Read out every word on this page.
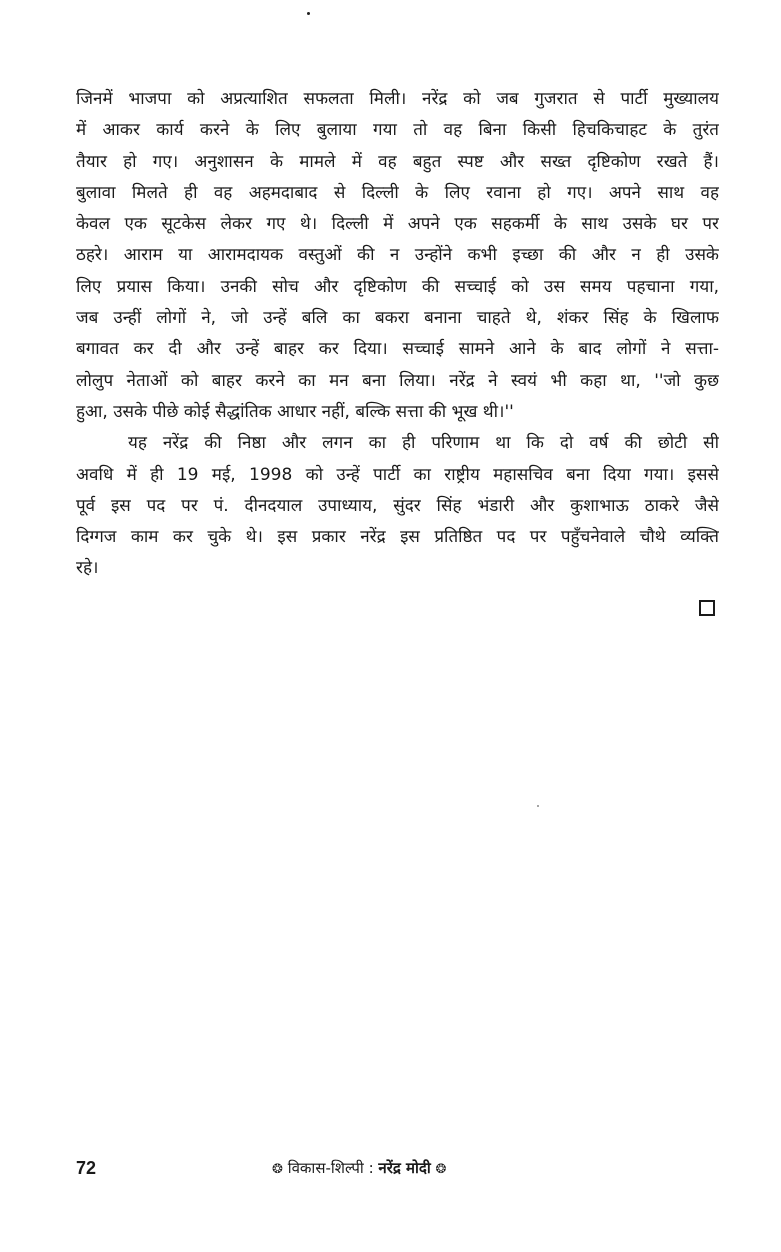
जिनमें भाजपा को अप्रत्याशित सफलता मिली। नरेंद्र को जब गुजरात से पार्टी मुख्यालय
में आकर कार्य करने के लिए बुलाया गया तो वह बिना किसी हिचकिचाहट के तुरंत
तैयार हो गए। अनुशासन के मामले में वह बहुत स्पष्ट और सख्त दृष्टिकोण रखते हैं।
बुलावा मिलते ही वह अहमदाबाद से दिल्ली के लिए रवाना हो गए। अपने साथ वह
केवल एक सूटकेस लेकर गए थे। दिल्ली में अपने एक सहकर्मी के साथ उसके घर पर
ठहरे। आराम या आरामदायक वस्तुओं की न उन्होंने कभी इच्छा की और न ही उसके
लिए प्रयास किया। उनकी सोच और दृष्टिकोण की सच्चाई को उस समय पहचाना गया,
जब उन्हीं लोगों ने, जो उन्हें बलि का बकरा बनाना चाहते थे, शंकर सिंह के खिलाफ
बगावत कर दी और उन्हें बाहर कर दिया। सच्चाई सामने आने के बाद लोगों ने सत्ता-
लोलुप नेताओं को बाहर करने का मन बना लिया। नरेंद्र ने स्वयं भी कहा था, ''जो कुछ
हुआ, उसके पीछे कोई सैद्धांतिक आधार नहीं, बल्कि सत्ता की भूख थी।''
यह नरेंद्र की निष्ठा और लगन का ही परिणाम था कि दो वर्ष की छोटी सी
अवधि में ही 19 मई, 1998 को उन्हें पार्टी का राष्ट्रीय महासचिव बना दिया गया। इससे
पूर्व इस पद पर पं. दीनदयाल उपाध्याय, सुंदर सिंह भंडारी और कुशाभाऊ ठाकरे जैसे
दिग्गज काम कर चुके थे। इस प्रकार नरेंद्र इस प्रतिष्ठित पद पर पहुँचनेवाले चौथे व्यक्ति
रहे।
72	❂ विकास-शिल्पी : नरेंद्र मोदी ❂
